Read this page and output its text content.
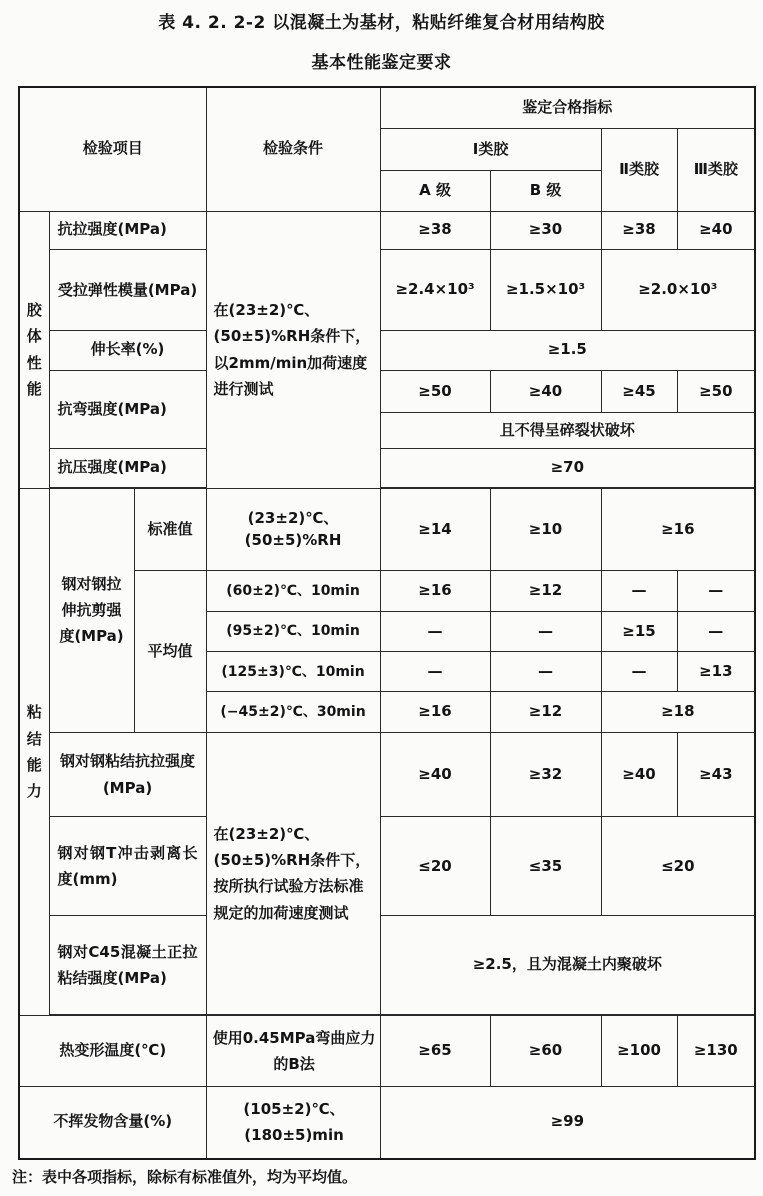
表 4. 2. 2-2 以混凝土为基材，粘贴纤维复合材用结构胶
基本性能鉴定要求
检验项目			检验条件	鉴定合格指标			
				Ⅰ类胶		Ⅱ类胶	Ⅲ类胶
				A 级	B 级		

胶体性能	抗拉强度(MPa)		在(23±2)℃、(50±5)%RH条件下，以2mm/min加荷速度进行测试	≥38	≥30	≥38	≥40
	受拉弹性模量(MPa)			≥2.4×10³	≥1.5×10³	≥2.0×10³	
	伸长率(%)			≥1.5			
	抗弯强度(MPa)			≥50	≥40	≥45	≥50
				且不得呈碎裂状破坏			
	抗压强度(MPa)			≥70			

粘结能力	钢对钢拉伸抗剪强度(MPa)	标准值	(23±2)℃、(50±5)%RH	≥14	≥10	≥16	
		平均值	(60±2)℃、10min	≥16	≥12	—	—
			(95±2)℃、10min	—	—	≥15	—
			(125±3)℃、10min	—	—	—	≥13
			(−45±2)℃、30min	≥16	≥12	≥18	
	钢对钢粘结抗拉强度(MPa)		在(23±2)℃、(50±5)%RH条件下，按所执行试验方法标准规定的加荷速度测试	≥40	≥32	≥40	≥43
	钢对钢T冲击剥离长度(mm)			≤20	≤35	≤20	
	钢对C45混凝土正拉粘结强度(MPa)			≥2.5，且为混凝土内聚破坏			

热变形温度(℃)			使用0.45MPa弯曲应力的B法	≥65	≥60	≥100	≥130
不挥发物含量(%)			(105±2)℃、(180±5)min	≥99			
注：表中各项指标，除标有标准值外，均为平均值。
